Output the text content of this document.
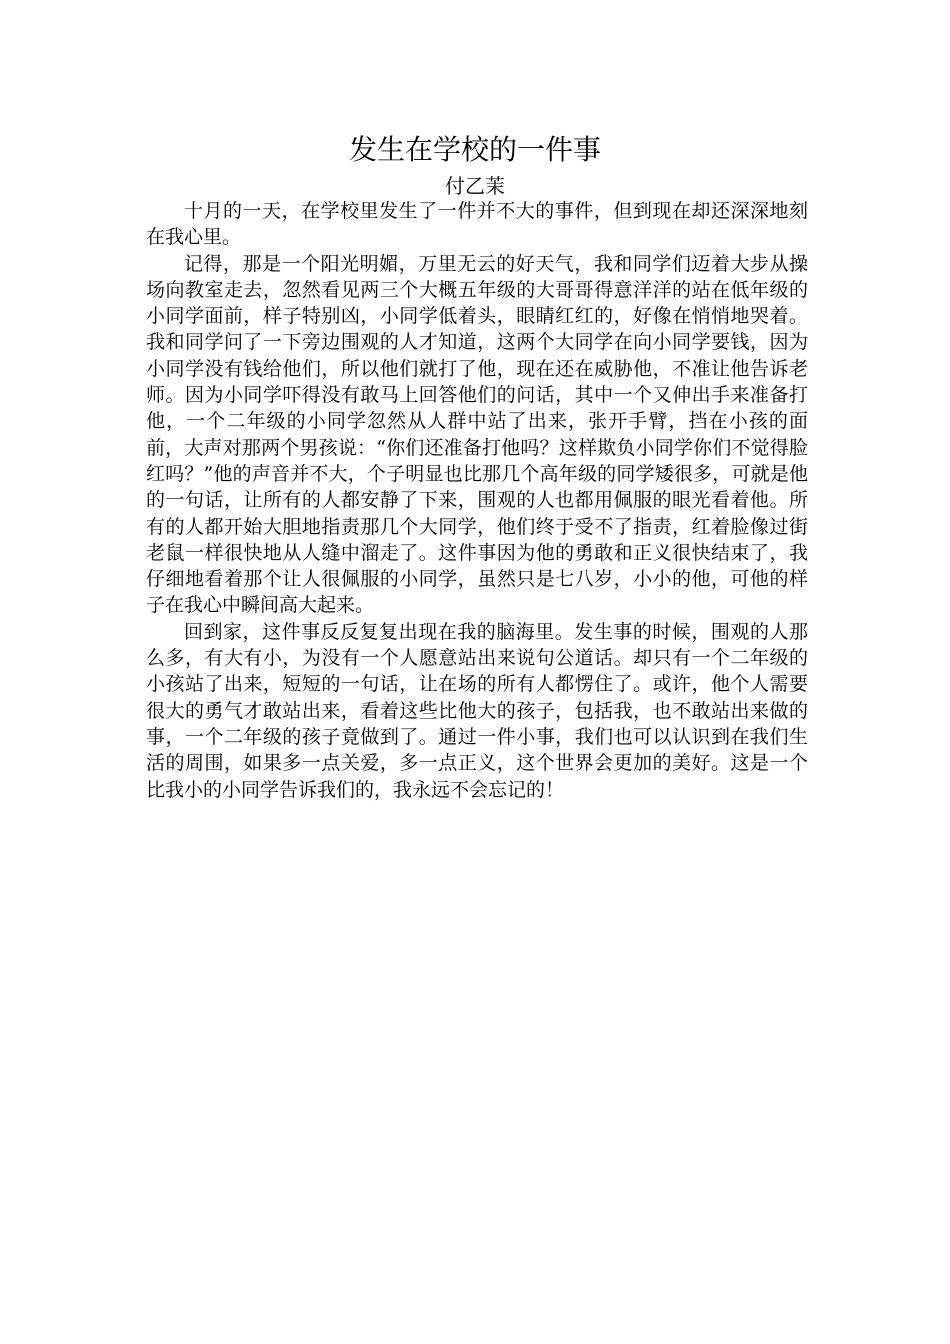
发生在学校的一件事
付乙茉

十月的一天，在学校里发生了一件并不大的事件，但到现在却还深深地刻在我心里。

记得，那是一个阳光明媚，万里无云的好天气，我和同学们迈着大步从操场向教室走去，忽然看见两三个大概五年级的大哥哥得意洋洋的站在低年级的小同学面前，样子特别凶，小同学低着头，眼睛红红的，好像在悄悄地哭着。我和同学问了一下旁边围观的人才知道，这两个大同学在向小同学要钱，因为小同学没有钱给他们，所以他们就打了他，现在还在威胁他，不准让他告诉老师。因为小同学吓得没有敢马上回答他们的问话，其中一个又伸出手来准备打他，一个二年级的小同学忽然从人群中站了出来，张开手臂，挡在小孩的面前，大声对那两个男孩说：“你们还准备打他吗？这样欺负小同学你们不觉得脸红吗？”他的声音并不大，个子明显也比那几个高年级的同学矮很多，可就是他的一句话，让所有的人都安静了下来，围观的人也都用佩服的眼光看着他。所有的人都开始大胆地指责那几个大同学，他们终于受不了指责，红着脸像过街老鼠一样很快地从人缝中溜走了。这件事因为他的勇敢和正义很快结束了，我仔细地看着那个让人很佩服的小同学，虽然只是七八岁，小小的他，可他的样子在我心中瞬间高大起来。

回到家，这件事反反复复出现在我的脑海里。发生事的时候，围观的人那么多，有大有小，为没有一个人愿意站出来说句公道话。却只有一个二年级的小孩站了出来，短短的一句话，让在场的所有人都愣住了。或许，他个人需要很大的勇气才敢站出来，看着这些比他大的孩子，包括我，也不敢站出来做的事，一个二年级的孩子竟做到了。通过一件小事，我们也可以认识到在我们生活的周围，如果多一点关爱，多一点正义，这个世界会更加的美好。这是一个比我小的小同学告诉我们的，我永远不会忘记的！
